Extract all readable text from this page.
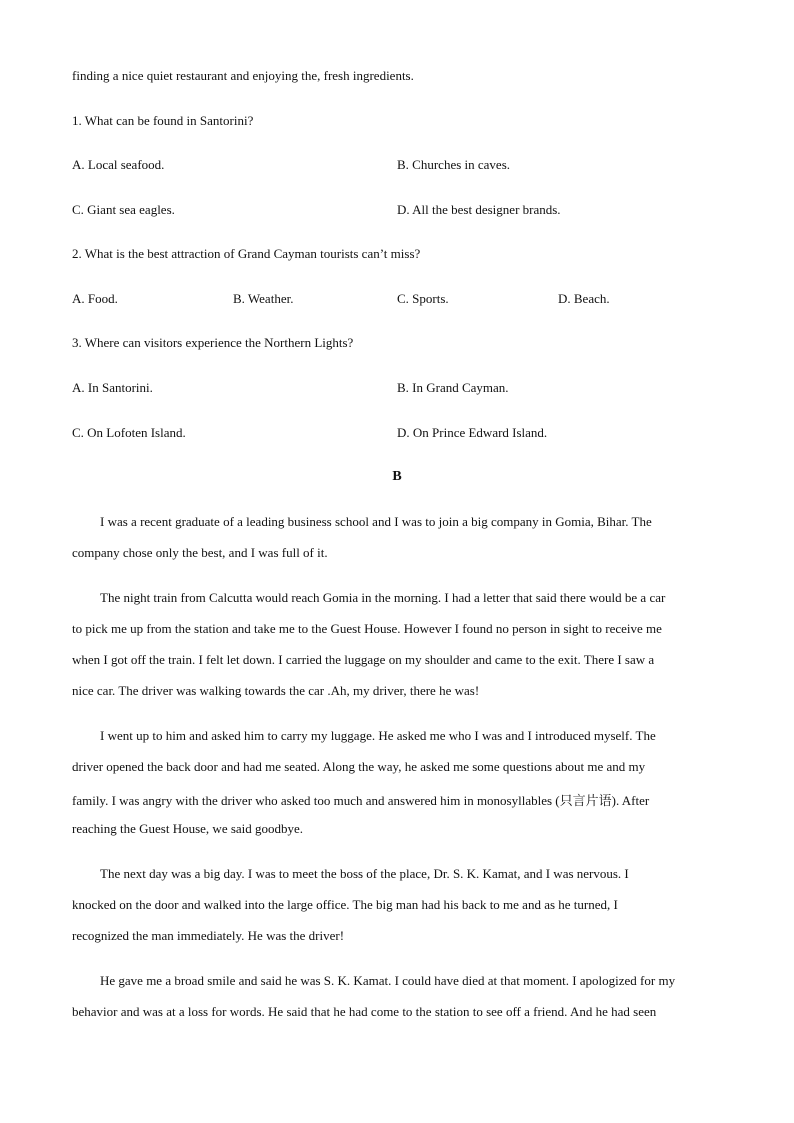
finding a nice quiet restaurant and enjoying the, fresh ingredients.
1. What can be found in Santorini?
A. Local seafood.	B. Churches in caves.
C. Giant sea eagles.	D. All the best designer brands.
2. What is the best attraction of Grand Cayman tourists can’t miss?
A. Food.	B. Weather.	C. Sports.	D. Beach.
3. Where can visitors experience the Northern Lights?
A. In Santorini.	B. In Grand Cayman.
C. On Lofoten Island.	D. On Prince Edward Island.
B
I was a recent graduate of a leading business school and I was to join a big company in Gomia, Bihar. The
company chose only the best, and I was full of it.
The night train from Calcutta would reach Gomia in the morning. I had a letter that said there would be a car
to pick me up from the station and take me to the Guest House. However I found no person in sight to receive me
when I got off the train. I felt let down. I carried the luggage on my shoulder and came to the exit. There I saw a
nice car. The driver was walking towards the car .Ah, my driver, there he was!
I went up to him and asked him to carry my luggage. He asked me who I was and I introduced myself. The
driver opened the back door and had me seated. Along the way, he asked me some questions about me and my
family. I was angry with the driver who asked too much and answered him in monosyllables (只言片语). After
reaching the Guest House, we said goodbye.
The next day was a big day. I was to meet the boss of the place, Dr. S. K. Kamat, and I was nervous. I
knocked on the door and walked into the large office. The big man had his back to me and as he turned, I
recognized the man immediately. He was the driver!
He gave me a broad smile and said he was S. K. Kamat. I could have died at that moment. I apologized for my
behavior and was at a loss for words. He said that he had come to the station to see off a friend. And he had seen
